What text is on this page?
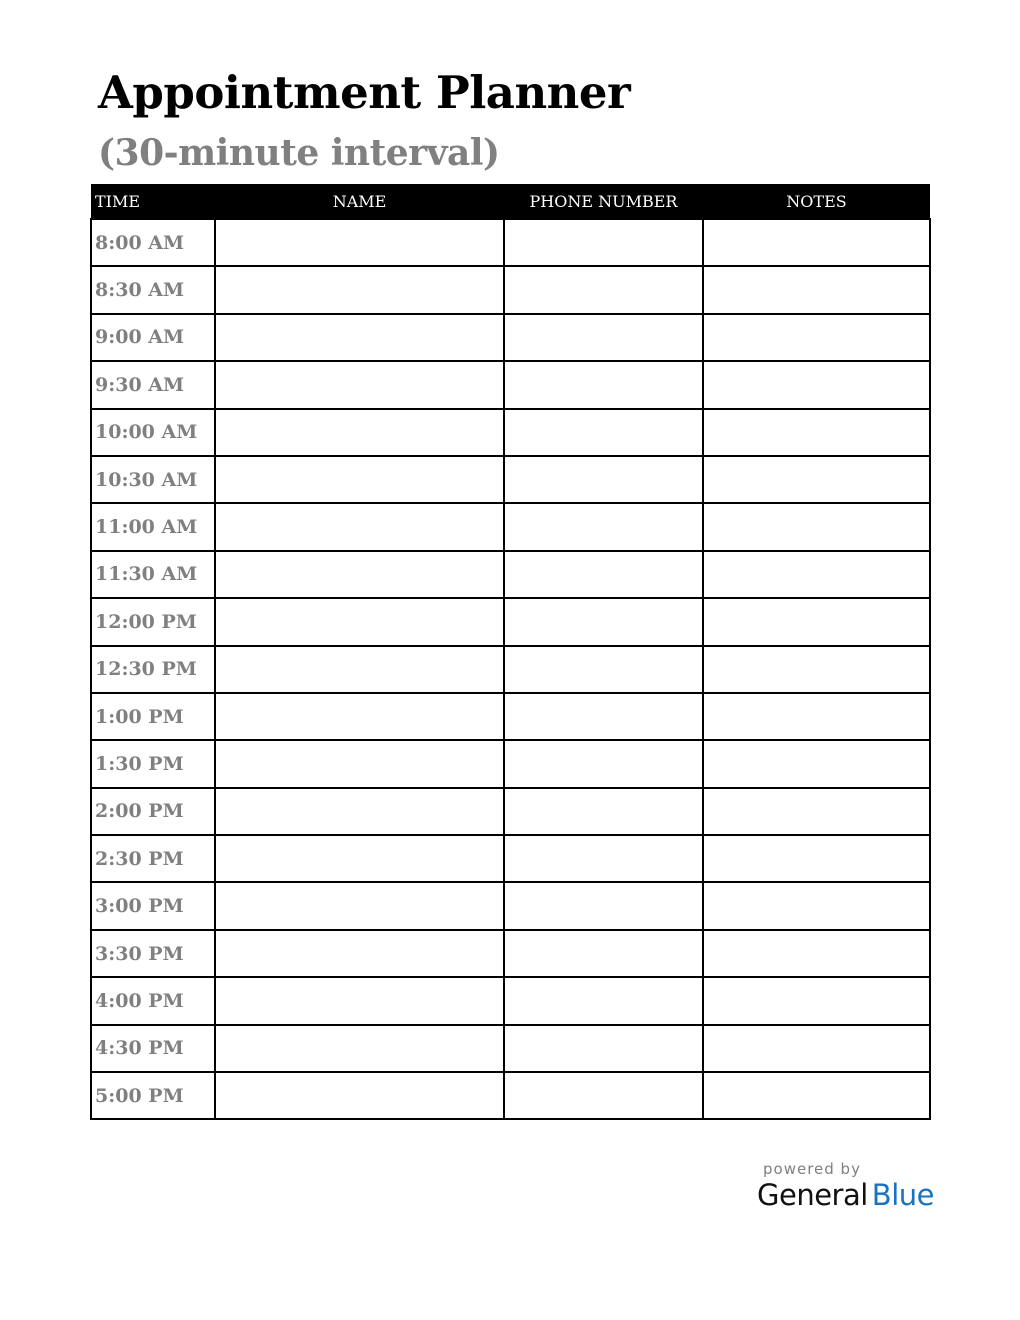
Appointment Planner
(30-minute interval)
TIME	NAME	PHONE NUMBER	NOTES
8:00 AM			
8:30 AM			
9:00 AM			
9:30 AM			
10:00 AM			
10:30 AM			
11:00 AM			
11:30 AM			
12:00 PM			
12:30 PM			
1:00 PM			
1:30 PM			
2:00 PM			
2:30 PM			
3:00 PM			
3:30 PM			
4:00 PM			
4:30 PM			
5:00 PM			
powered by
General Blue
